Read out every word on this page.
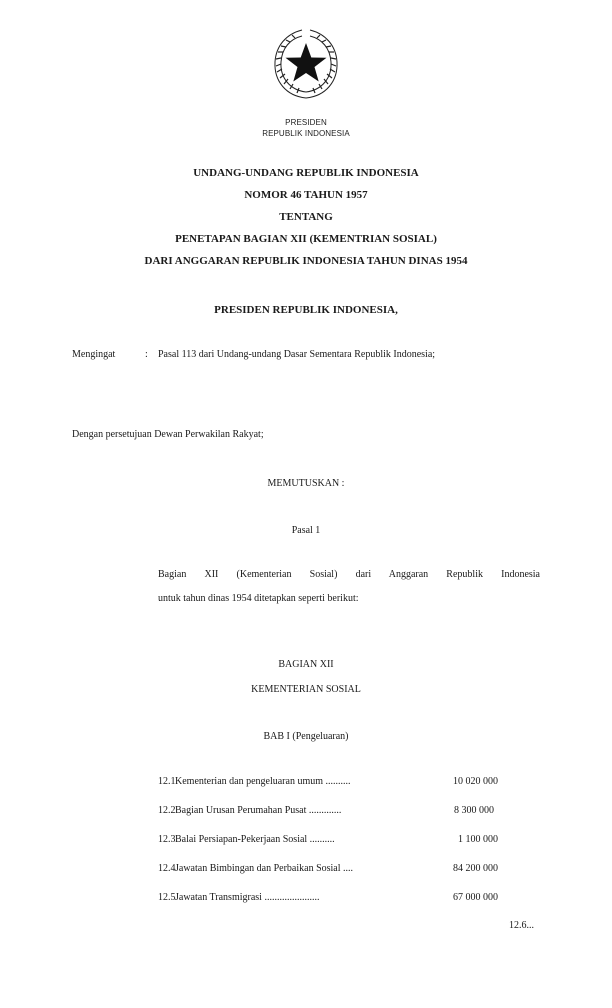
PRESIDEN
REPUBLIK INDONESIA
UNDANG-UNDANG REPUBLIK INDONESIA
NOMOR 46 TAHUN 1957
TENTANG
PENETAPAN BAGIAN XII (KEMENTRIAN SOSIAL)
DARI ANGGARAN REPUBLIK INDONESIA TAHUN DINAS 1954
PRESIDEN REPUBLIK INDONESIA,
Mengingat	: Pasal 113 dari Undang-undang Dasar Sementara Republik Indonesia;
Dengan persetujuan Dewan Perwakilan Rakyat;
MEMUTUSKAN :
Pasal 1
Bagian XII (Kementerian Sosial) dari Anggaran Republik Indonesia
untuk tahun dinas 1954 ditetapkan seperti berikut:
BAGIAN XII
KEMENTERIAN SOSIAL
BAB I (Pengeluaran)
12.1 Kementerian dan pengeluaran umum ..........	10 020 000
12.2 Bagian Urusan Perumahan Pusat .............	8 300 000
12.3 Balai Persiapan-Pekerjaan Sosial ..........	1 100 000
12.4 Jawatan Bimbingan dan Perbaikan Sosial ....	84 200 000
12.5 Jawatan Transmigrasi ......................	67 000 000
12.6...
